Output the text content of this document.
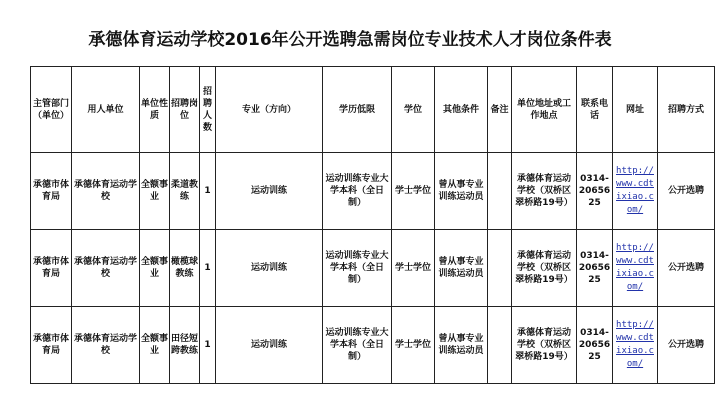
承德体育运动学校2016年公开选聘急需岗位专业技术人才岗位条件表
主管部门（单位）	用人单位	单位性质	招聘岗位	招聘人数	专业（方向）	学历低限	学位	其他条件	备注	单位地址或工作地点	联系电话	网址	招聘方式
承德市体育局	承德体育运动学校	全额事业	柔道教练	1	运动训练	运动训练专业大学本科（全日制）	学士学位	曾从事专业训练运动员		承德体育运动学校（双桥区翠桥路19号）	0314-2065625	http://www.cdtixiao.com/	公开选聘
承德市体育局	承德体育运动学校	全额事业	橄榄球教练	1	运动训练	运动训练专业大学本科（全日制）	学士学位	曾从事专业训练运动员		承德体育运动学校（双桥区翠桥路19号）	0314-2065625	http://www.cdtixiao.com/	公开选聘
承德市体育局	承德体育运动学校	全额事业	田径短跨教练	1	运动训练	运动训练专业大学本科（全日制）	学士学位	曾从事专业训练运动员		承德体育运动学校（双桥区翠桥路19号）	0314-2065625	http://www.cdtixiao.com/	公开选聘
